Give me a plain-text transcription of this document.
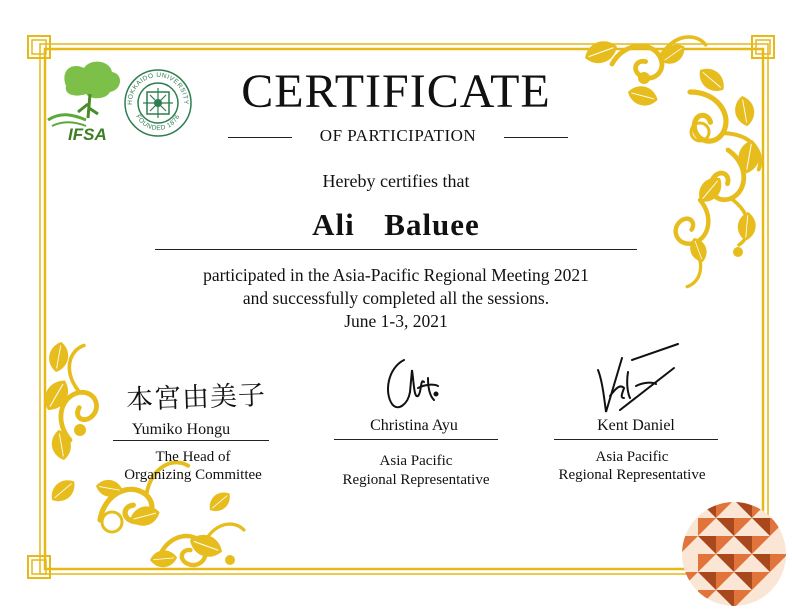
IFSA
HOKKAIDO UNIVERSITY
FOUNDED 1876
本宮由美子
CERTIFICATE
OF PARTICIPATION
Hereby certifies that
Ali  Baluee
participated in the Asia-Pacific Regional Meeting 2021
and successfully completed all the sessions.
June 1-3, 2021
Yumiko Hongu
The Head of
Organizing Committee
Christina Ayu
Asia Pacific
Regional Representative
Kent Daniel
Asia Pacific
Regional Representative
